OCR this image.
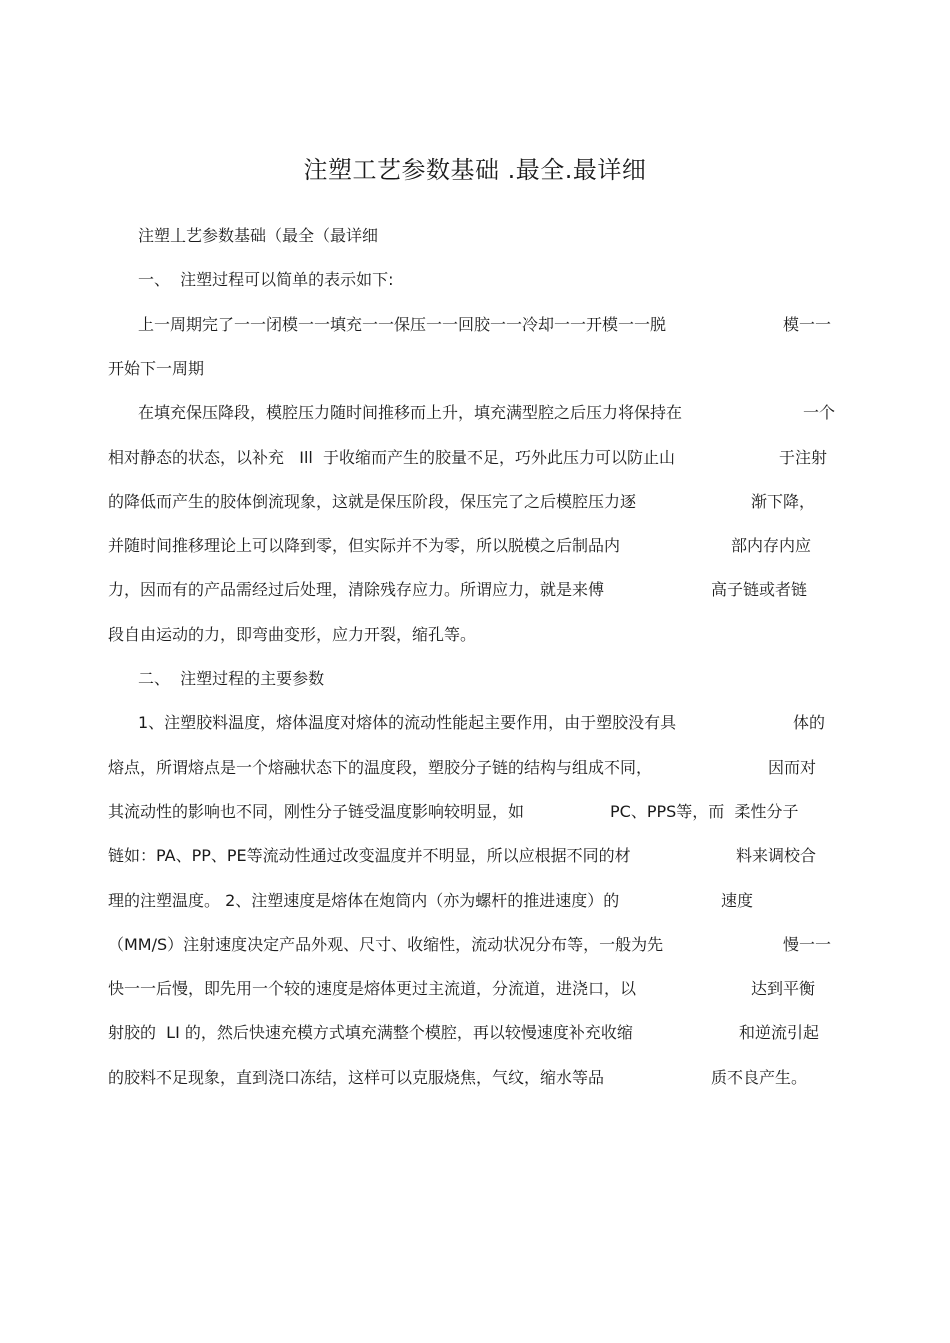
注塑工艺参数基础 .最全.最详细
注塑丄艺参数基础（最全（最详细
一、  注塑过程可以简单的表示如下:
上一周期完了一一闭模一一填充一一保压一一回胶一一冷却一一开模一一脱	模一一
开始下一周期
在填充保压降段，模腔压力随时间推移而上升，填充满型腔之后压力将保持在	一个
相对静态的状态，以补充   Ill  于收缩而产生的胶量不足，巧外此压力可以防止山	于注射
的降低而产生的胶体倒流现象，这就是保压阶段，保压完了之后模腔压力逐	渐下降，
并随时间推移理论上可以降到零，但实际并不为零，所以脱模之后制品内	部内存内应
力，因而有的产品需经过后处理，清除残存应力。所谓应力，就是来傅	高子链或者链
段自由运动的力，即弯曲变形，应力开裂，缩孔等。
二、  注塑过程的主要参数
1、注塑胶料温度，熔体温度对熔体的流动性能起主要作用，由于塑胶没有具	体的
熔点，所谓熔点是一个熔融状态下的温度段，塑胶分子链的结构与组成不同，	因而对
其流动性的影响也不同，刚性分子链受温度影响较明显，如	PC、PPS等，而  柔性分子
链如：PA、PP、PE等流动性通过改变温度并不明显，所以应根据不同的材	料来调校合
理的注塑温度。 2、注塑速度是熔体在炮筒内（亦为螺杆的推进速度）的	速度
（MM/S）注射速度决定产品外观、尺寸、收缩性，流动状况分布等，一般为先	慢一一
快一一后慢，即先用一个较的速度是熔体更过主流道，分流道，进浇口，以	达到平衡
射胶的  LI 的，然后快速充模方式填充满整个模腔，再以较慢速度补充收缩	和逆流引起
的胶料不足现象，直到浇口冻结，这样可以克服烧焦，气纹，缩水等品	质不良产生。
